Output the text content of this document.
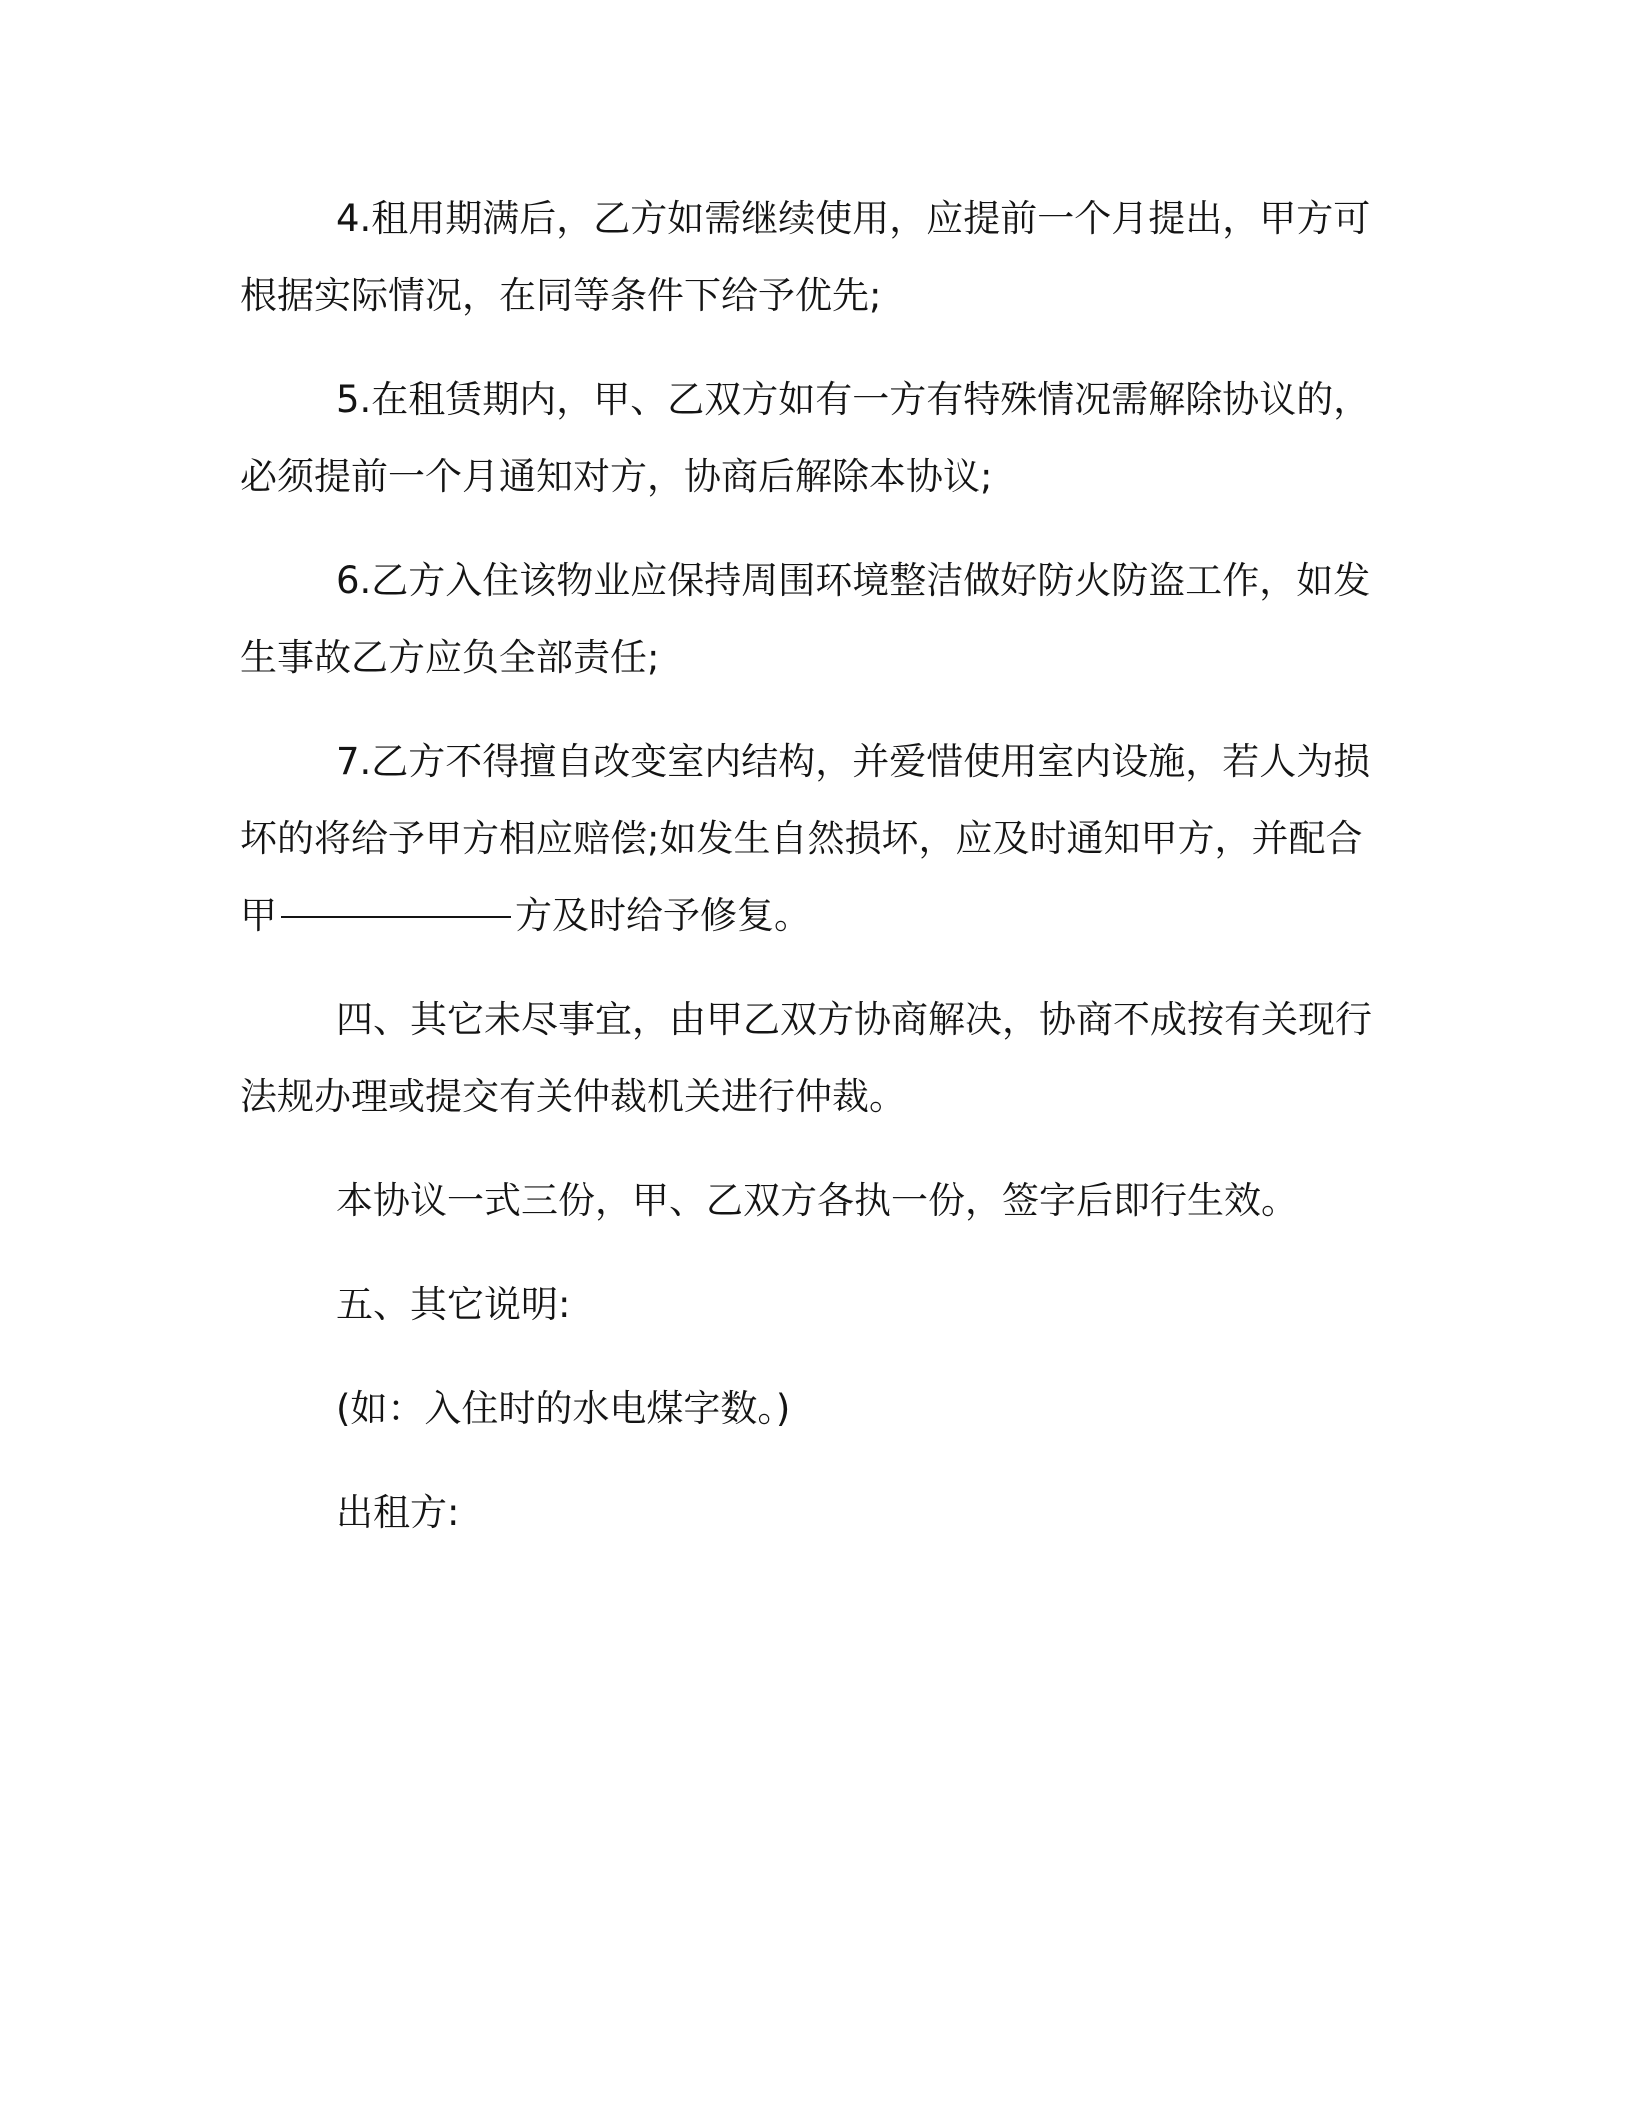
4.租用期满后，乙方如需继续使用，应提前一个月提出，甲方可根据实际情况，在同等条件下给予优先;

5.在租赁期内，甲、乙双方如有一方有特殊情况需解除协议的，必须提前一个月通知对方，协商后解除本协议;

6.乙方入住该物业应保持周围环境整洁做好防火防盗工作，如发生事故乙方应负全部责任;

7.乙方不得擅自改变室内结构，并爱惜使用室内设施，若人为损坏的将给予甲方相应赔偿;如发生自然损坏，应及时通知甲方，并配合甲	方及时给予修复。

四、其它未尽事宜，由甲乙双方协商解决，协商不成按有关现行法规办理或提交有关仲裁机关进行仲裁。

本协议一式三份，甲、乙双方各执一份，签字后即行生效。

五、其它说明:

(如：入住时的水电煤字数。)

出租方:
